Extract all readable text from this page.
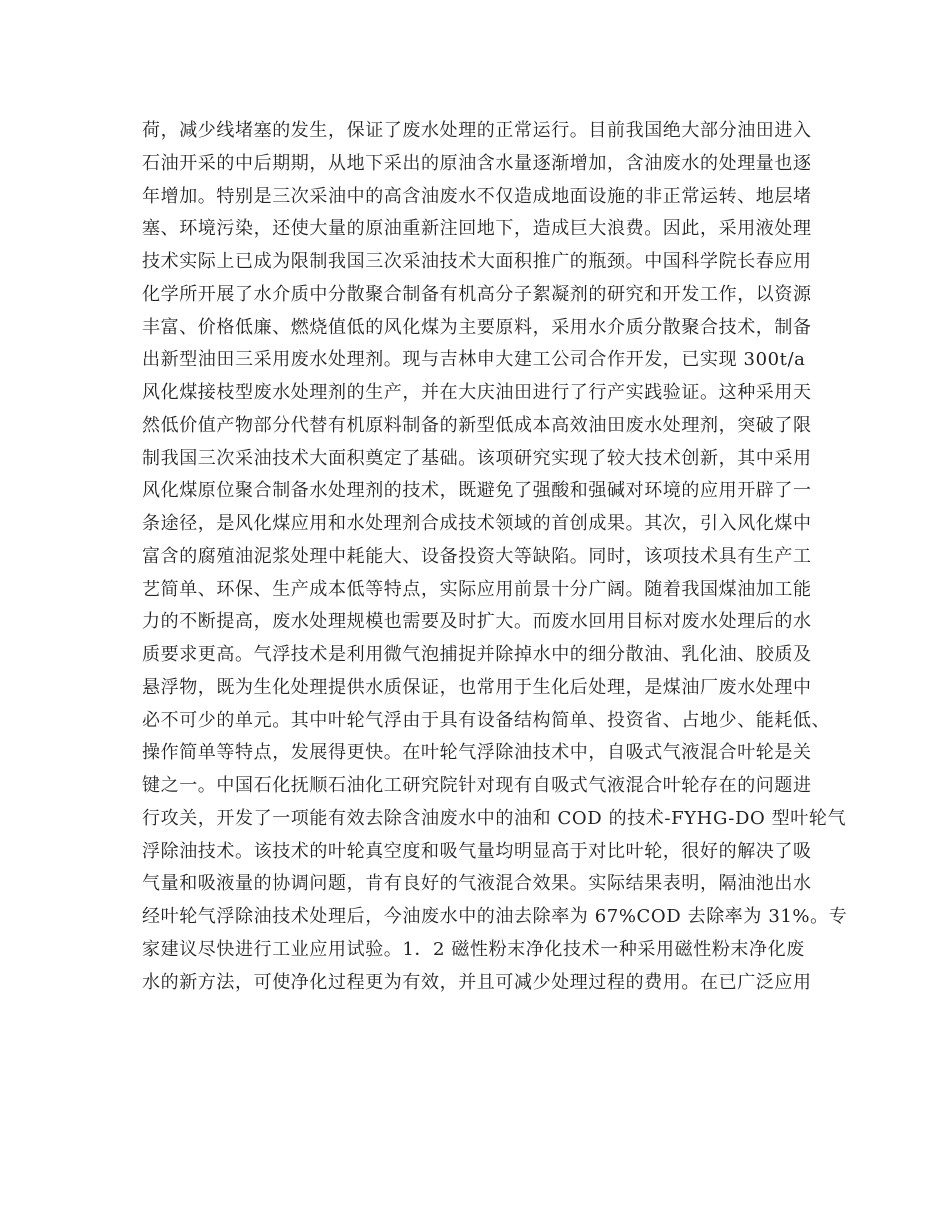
荷，减少线堵塞的发生，保证了废水处理的正常运行。目前我国绝大部分油田进入
石油开采的中后期期，从地下采出的原油含水量逐渐增加，含油废水的处理量也逐
年增加。特别是三次采油中的高含油废水不仅造成地面设施的非正常运转、地层堵
塞、环境污染，还使大量的原油重新注回地下，造成巨大浪费。因此，采用液处理
技术实际上已成为限制我国三次采油技术大面积推广的瓶颈。中国科学院长春应用
化学所开展了水介质中分散聚合制备有机高分子絮凝剂的研究和开发工作，以资源
丰富、价格低廉、燃烧值低的风化煤为主要原料，采用水介质分散聚合技术，制备
出新型油田三采用废水处理剂。现与吉林申大建工公司合作开发，已实现 300t/a
风化煤接枝型废水处理剂的生产，并在大庆油田进行了行产实践验证。这种采用天
然低价值产物部分代替有机原料制备的新型低成本高效油田废水处理剂，突破了限
制我国三次采油技术大面积奠定了基础。该项研究实现了较大技术创新，其中采用
风化煤原位聚合制备水处理剂的技术，既避免了强酸和强碱对环境的应用开辟了一
条途径，是风化煤应用和水处理剂合成技术领域的首创成果。其次，引入风化煤中
富含的腐殖油泥浆处理中耗能大、设备投资大等缺陷。同时，该项技术具有生产工
艺简单、环保、生产成本低等特点，实际应用前景十分广阔。随着我国煤油加工能
力的不断提高，废水处理规模也需要及时扩大。而废水回用目标对废水处理后的水
质要求更高。气浮技术是利用微气泡捕捉并除掉水中的细分散油、乳化油、胶质及
悬浮物，既为生化处理提供水质保证，也常用于生化后处理，是煤油厂废水处理中
必不可少的单元。其中叶轮气浮由于具有设备结构简单、投资省、占地少、能耗低、
操作简单等特点，发展得更快。在叶轮气浮除油技术中，自吸式气液混合叶轮是关
键之一。中国石化抚顺石油化工研究院针对现有自吸式气液混合叶轮存在的问题进
行攻关，开发了一项能有效去除含油废水中的油和 COD 的技术-FYHG-DO 型叶轮气
浮除油技术。该技术的叶轮真空度和吸气量均明显高于对比叶轮，很好的解决了吸
气量和吸液量的协调问题，肯有良好的气液混合效果。实际结果表明，隔油池出水
经叶轮气浮除油技术处理后，今油废水中的油去除率为 67%COD 去除率为 31%。专
家建议尽快进行工业应用试验。1．2 磁性粉末净化技术一种采用磁性粉末净化废
水的新方法，可使净化过程更为有效，并且可减少处理过程的费用。在已广泛应用
